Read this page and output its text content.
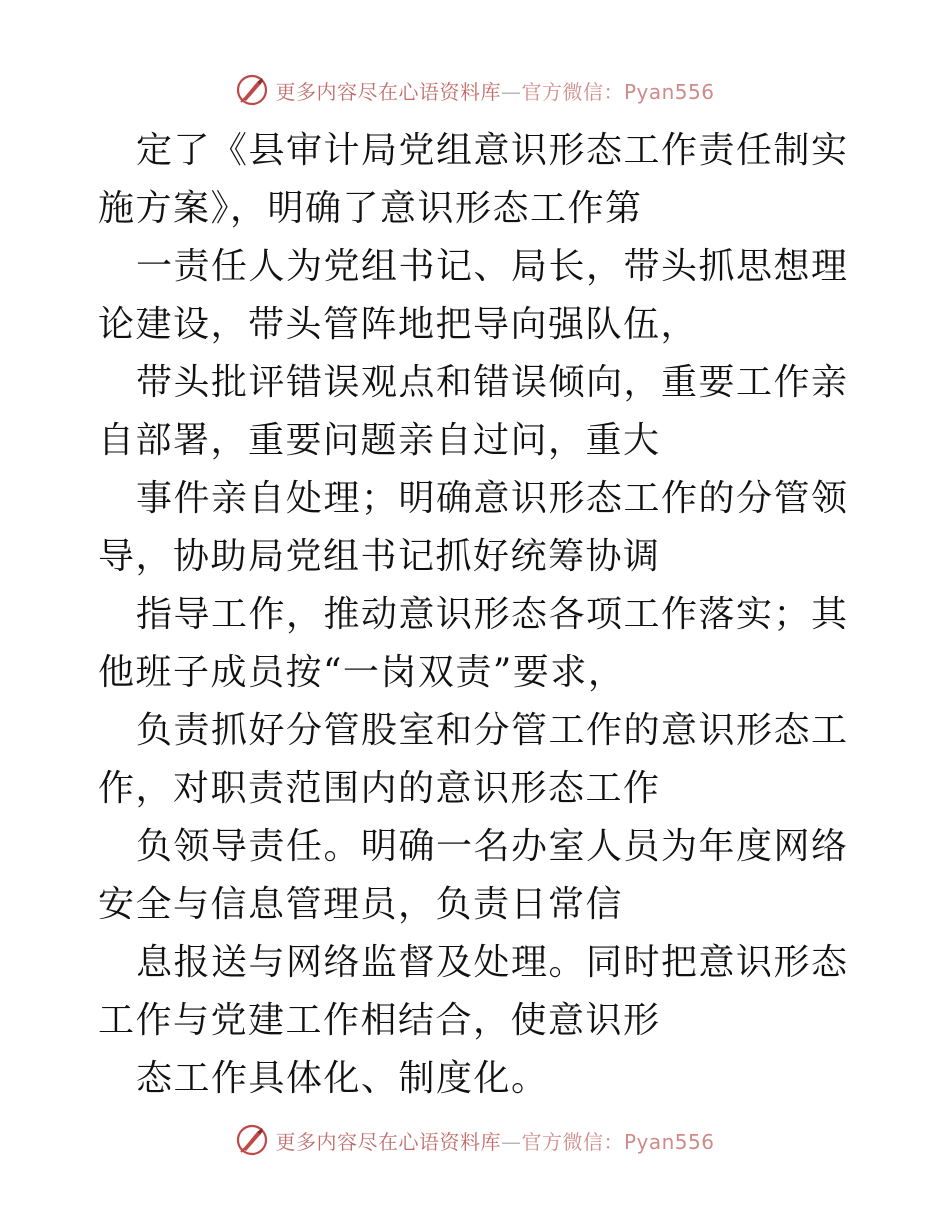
更多内容尽在心语资料库—官方微信：Pyan556

定了《县审计局党组意识形态工作责任制实施方案》，明确了意识形态工作第

一责任人为党组书记、局长，带头抓思想理论建设，带头管阵地把导向强队伍，

带头批评错误观点和错误倾向，重要工作亲自部署，重要问题亲自过问，重大

事件亲自处理；明确意识形态工作的分管领导，协助局党组书记抓好统筹协调

指导工作，推动意识形态各项工作落实；其他班子成员按“一岗双责”要求，

负责抓好分管股室和分管工作的意识形态工作，对职责范围内的意识形态工作

负领导责任。明确一名办室人员为年度网络安全与信息管理员，负责日常信

息报送与网络监督及处理。同时把意识形态工作与党建工作相结合，使意识形

态工作具体化、制度化。

更多内容尽在心语资料库—官方微信：Pyan556
